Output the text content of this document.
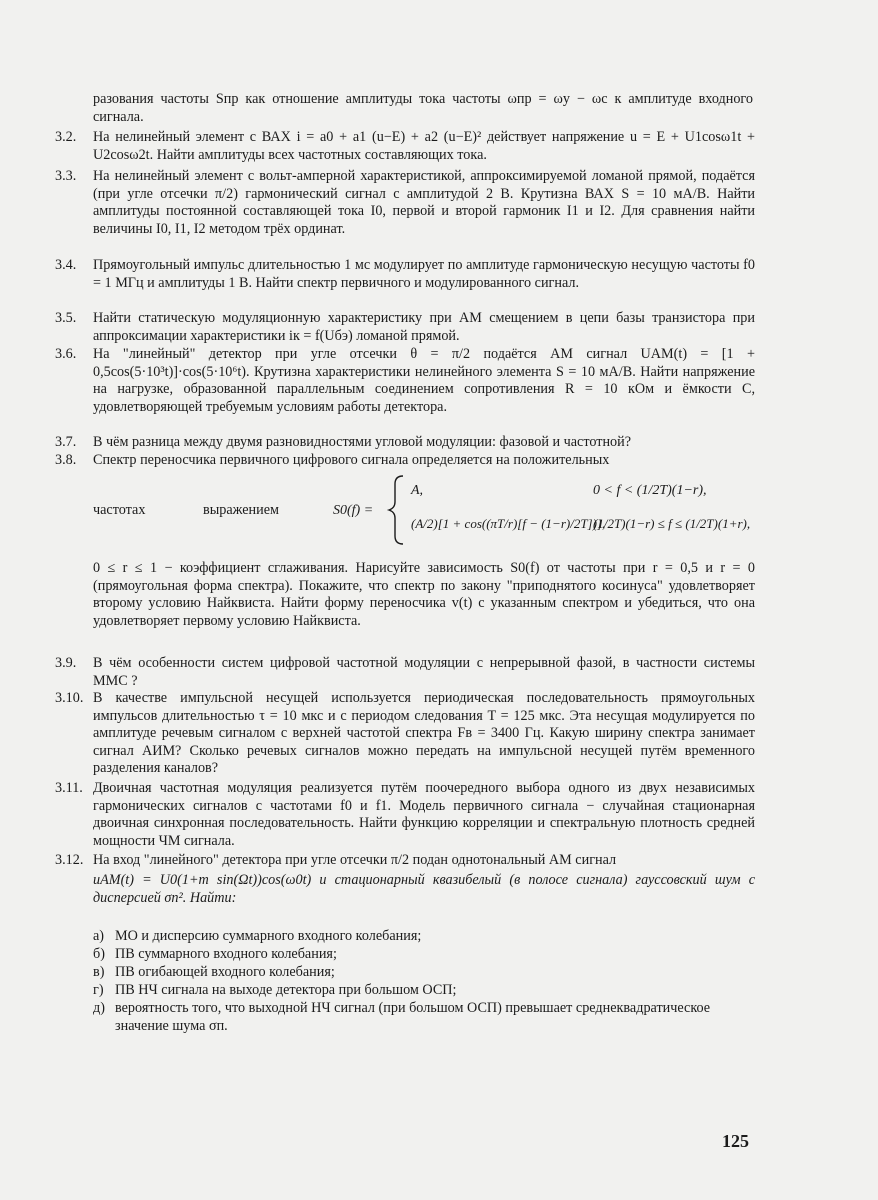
разования частоты Sпр как отношение амплитуды тока частоты ωпр = ωу − ωс к амплитуде входного сигнала.
3.2.	На нелинейный элемент с ВАХ i = a0 + a1 (u−E) + a2 (u−E)² действует напряжение u = E + U1cosω1t + U2cosω2t. Найти амплитуды всех частотных составляющих тока.
3.3.	На нелинейный элемент с вольт-амперной характеристикой, аппроксимируемой ломаной прямой, подаётся (при угле отсечки π/2) гармонический сигнал с амплитудой 2 В. Крутизна ВАХ S = 10 мА/В. Найти амплитуды постоянной составляющей тока I0, первой и второй гармоник I1 и I2. Для сравнения найти величины I0, I1, I2 методом трёх ординат.
3.4.	Прямоугольный импульс длительностью 1 мс модулирует по амплитуде гармоническую несущую частоты f0 = 1 МГц и амплитуды 1 В. Найти спектр первичного и модулированного сигнал.
3.5.	Найти статическую модуляционную характеристику при АМ смещением в цепи базы транзистора при аппроксимации характеристики iк = f(Uбэ) ломаной прямой.
3.6.	На "линейный" детектор при угле отсечки θ = π/2 подаётся АМ сигнал UАМ(t) = [1 + 0,5cos(5·10³t)]·cos(5·10⁶t). Крутизна характеристики нелинейного элемента S = 10 мА/В. Найти напряжение на нагрузке, образованной параллельным соединением сопротивления R = 10 кОм и ёмкости C, удовлетворяющей требуемым условиям работы детектора.
3.7.	В чём разница между двумя разновидностями угловой модуляции: фазовой и частотной?
3.8.	Спектр переносчика первичного цифрового сигнала определяется на положительных
частотах	выражением	S0(f) =
A,	0 < f < (1/2T)(1−r),
(A/2)[1 + cos((πT/r)[f − (1−r)/2T])],
(1/2T)(1−r) ≤ f ≤ (1/2T)(1+r),
0 ≤ r ≤ 1 − коэффициент сглаживания. Нарисуйте зависимость S0(f) от частоты при r = 0,5 и r = 0 (прямоугольная форма спектра). Покажите, что спектр по закону "приподнятого косинуса" удовлетворяет второму условию Найквиста. Найти форму переносчика v(t) с указанным спектром и убедиться, что она удовлетворяет первому условию Найквиста.
3.9.	В чём особенности систем цифровой частотной модуляции с непрерывной фазой, в частности системы MMC ?
3.10. В качестве импульсной несущей используется периодическая последовательность прямоугольных импульсов длительностью τ = 10 мкс и с периодом следования T = 125 мкс. Эта несущая модулируется по амплитуде речевым сигналом с верхней частотой спектра Fв = 3400 Гц. Какую ширину спектра занимает сигнал АИМ? Сколько речевых сигналов можно передать на импульсной несущей путём временного разделения каналов?
3.11. Двоичная частотная модуляция реализуется путём поочередного выбора одного из двух независимых гармонических сигналов с частотами f0 и f1. Модель первичного сигнала − случайная стационарная двоичная синхронная последовательность. Найти функцию корреляции и спектральную плотность средней мощности ЧМ сигнала.
3.12. На вход "линейного" детектора при угле отсечки π/2 подан однотональный АМ сигнал
uАМ(t) = U0(1+m sin(Ωt))cos(ω0t) и стационарный квазибелый (в полосе сигнала) гауссовский шум с дисперсией σп². Найти:
а) МО и дисперсию суммарного входного колебания;
б) ПВ суммарного входного колебания;
в) ПВ огибающей входного колебания;
г) ПВ НЧ сигнала на выходе детектора при большом ОСП;
д) вероятность того, что выходной НЧ сигнал (при большом ОСП) превышает среднеквадратическое значение шума σп.
125
